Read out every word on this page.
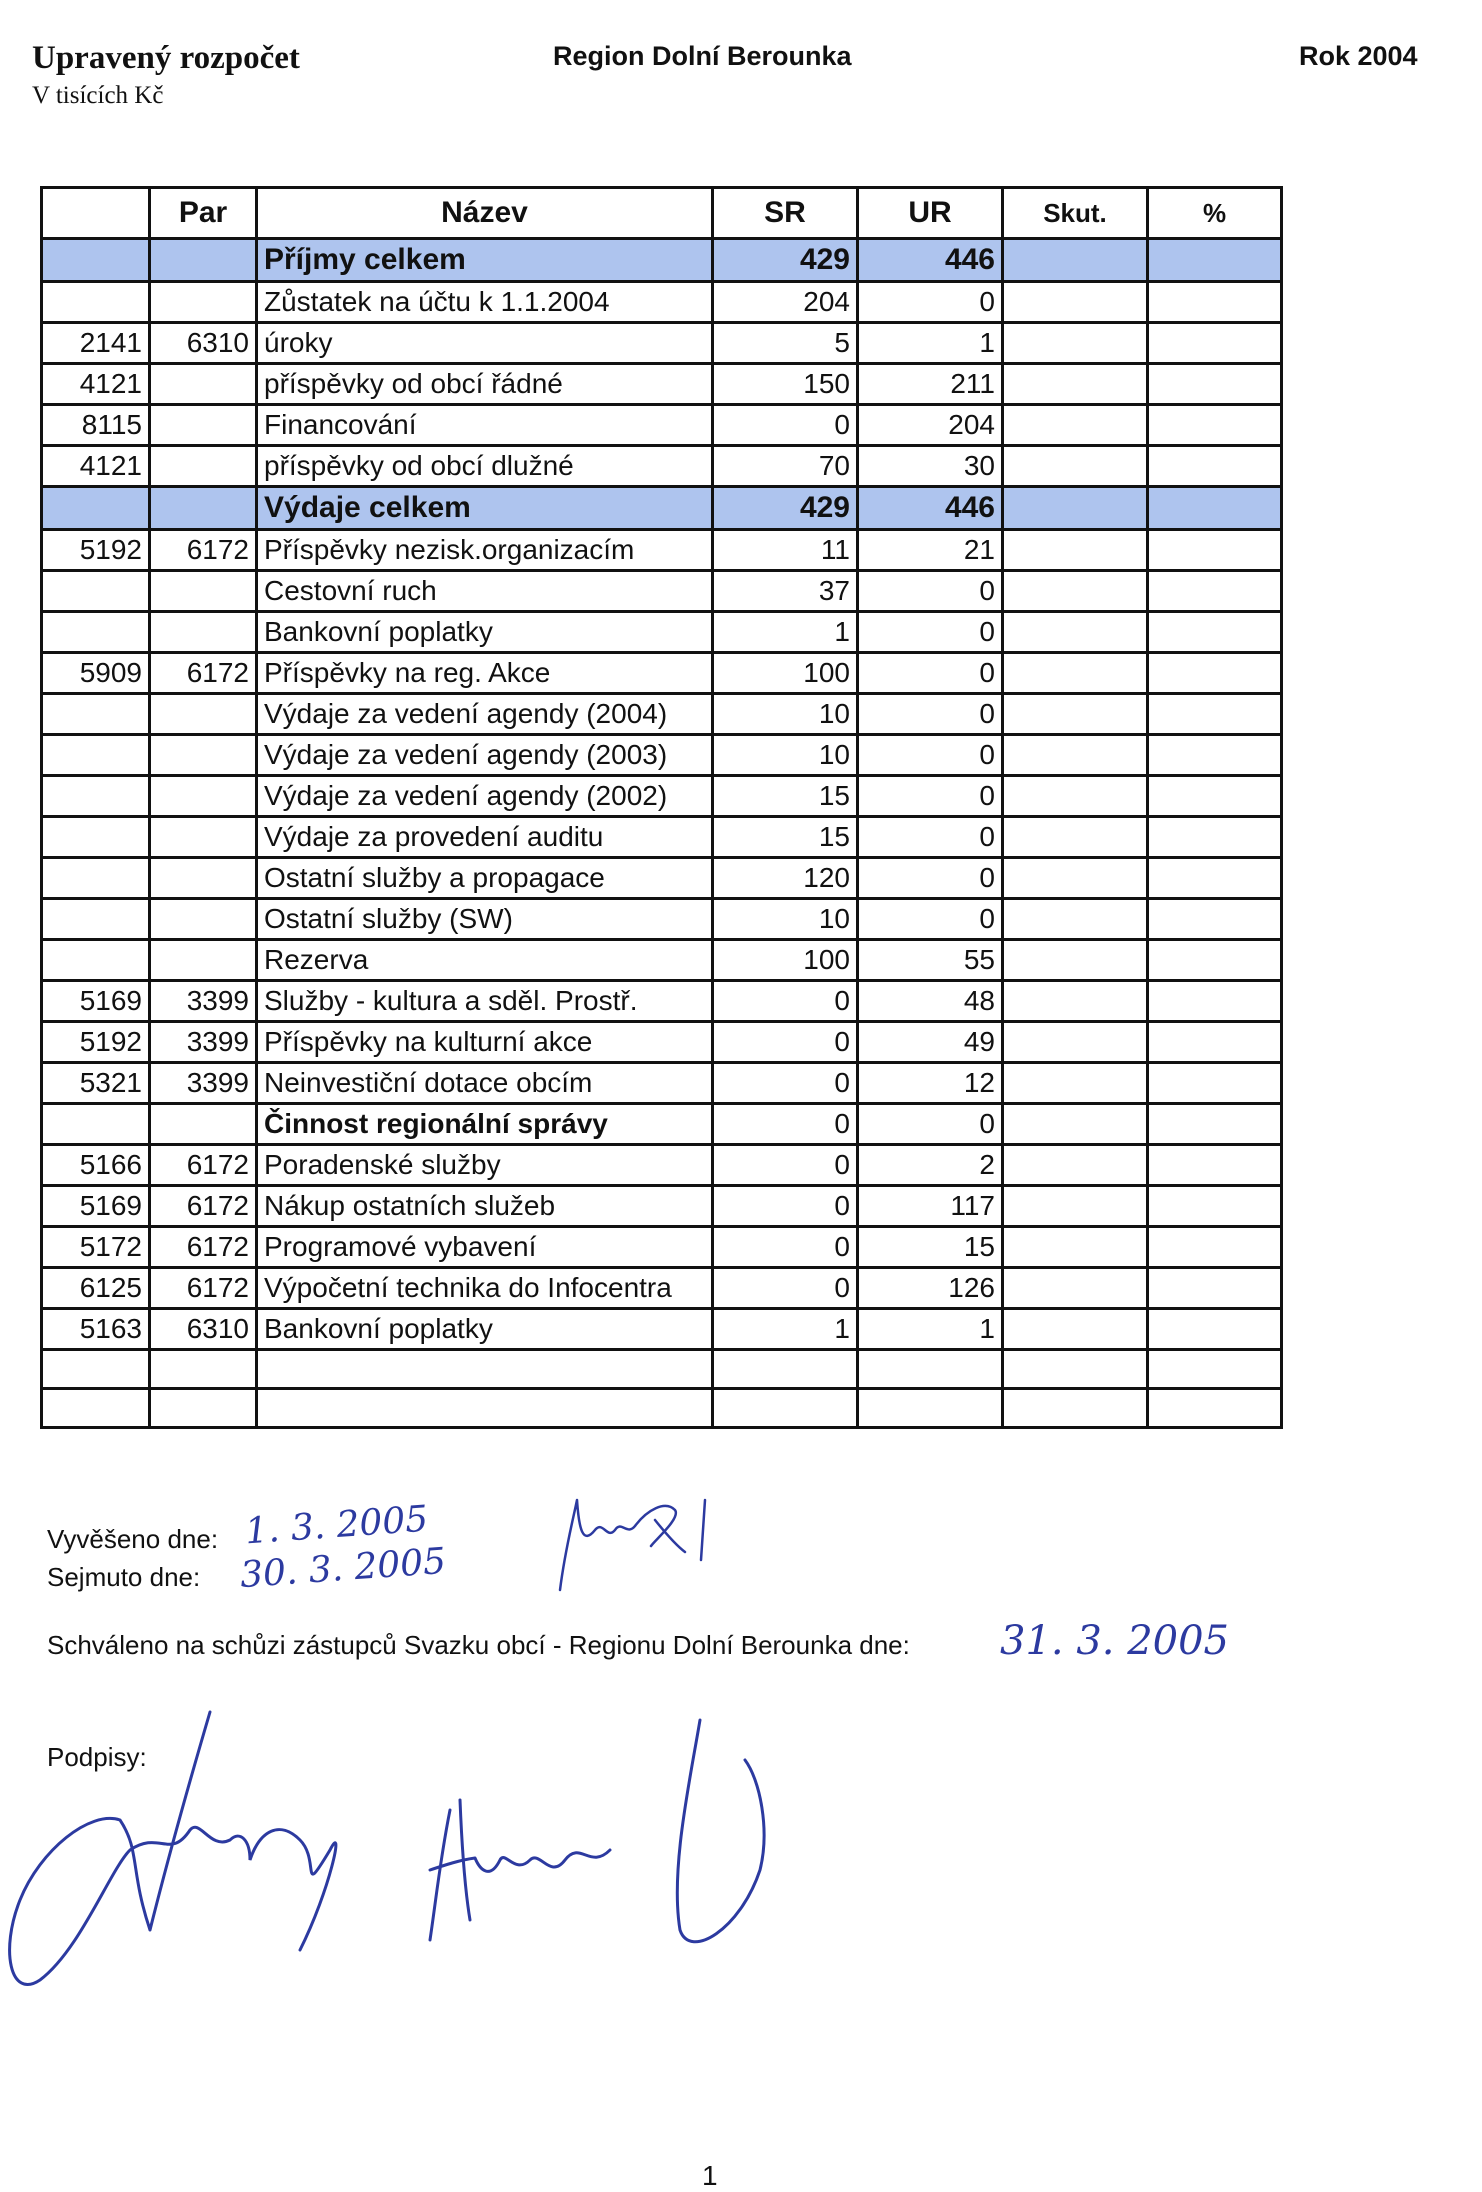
Upravený rozpočet
V tisících Kč
Region Dolní Berounka	Rok 2004
	Par	Název	SR	UR	Skut.	%
		Příjmy celkem	429	446		
		Zůstatek na účtu k 1.1.2004	204	0		
2141	6310	úroky	5	1		
4121		příspěvky od obcí řádné	150	211		
8115		Financování	0	204		
4121		příspěvky od obcí dlužné	70	30		
		Výdaje celkem	429	446		
5192	6172	Příspěvky nezisk.organizacím	11	21		
		Cestovní ruch	37	0		
		Bankovní poplatky	1	0		
5909	6172	Příspěvky na reg. Akce	100	0		
		Výdaje za vedení agendy (2004)	10	0		
		Výdaje za vedení agendy (2003)	10	0		
		Výdaje za vedení agendy (2002)	15	0		
		Výdaje za provedení auditu	15	0		
		Ostatní služby a propagace	120	0		
		Ostatní služby (SW)	10	0		
		Rezerva	100	55		
5169	3399	Služby - kultura a sděl. Prostř.	0	48		
5192	3399	Příspěvky na kulturní akce	0	49		
5321	3399	Neinvestiční dotace obcím	0	12		
		Činnost regionální správy	0	0		
5166	6172	Poradenské služby	0	2		
5169	6172	Nákup ostatních služeb	0	117		
5172	6172	Programové vybavení	0	15		
6125	6172	Výpočetní technika do Infocentra	0	126		
5163	6310	Bankovní poplatky	1	1		

Vyvěšeno dne:
Sejmuto dne:
1. 3. 2005
30. 3. 2005
Schváleno na schůzi zástupců Svazku obcí - Regionu Dolní Berounka dne: 31. 3. 2005
Podpisy:
1
